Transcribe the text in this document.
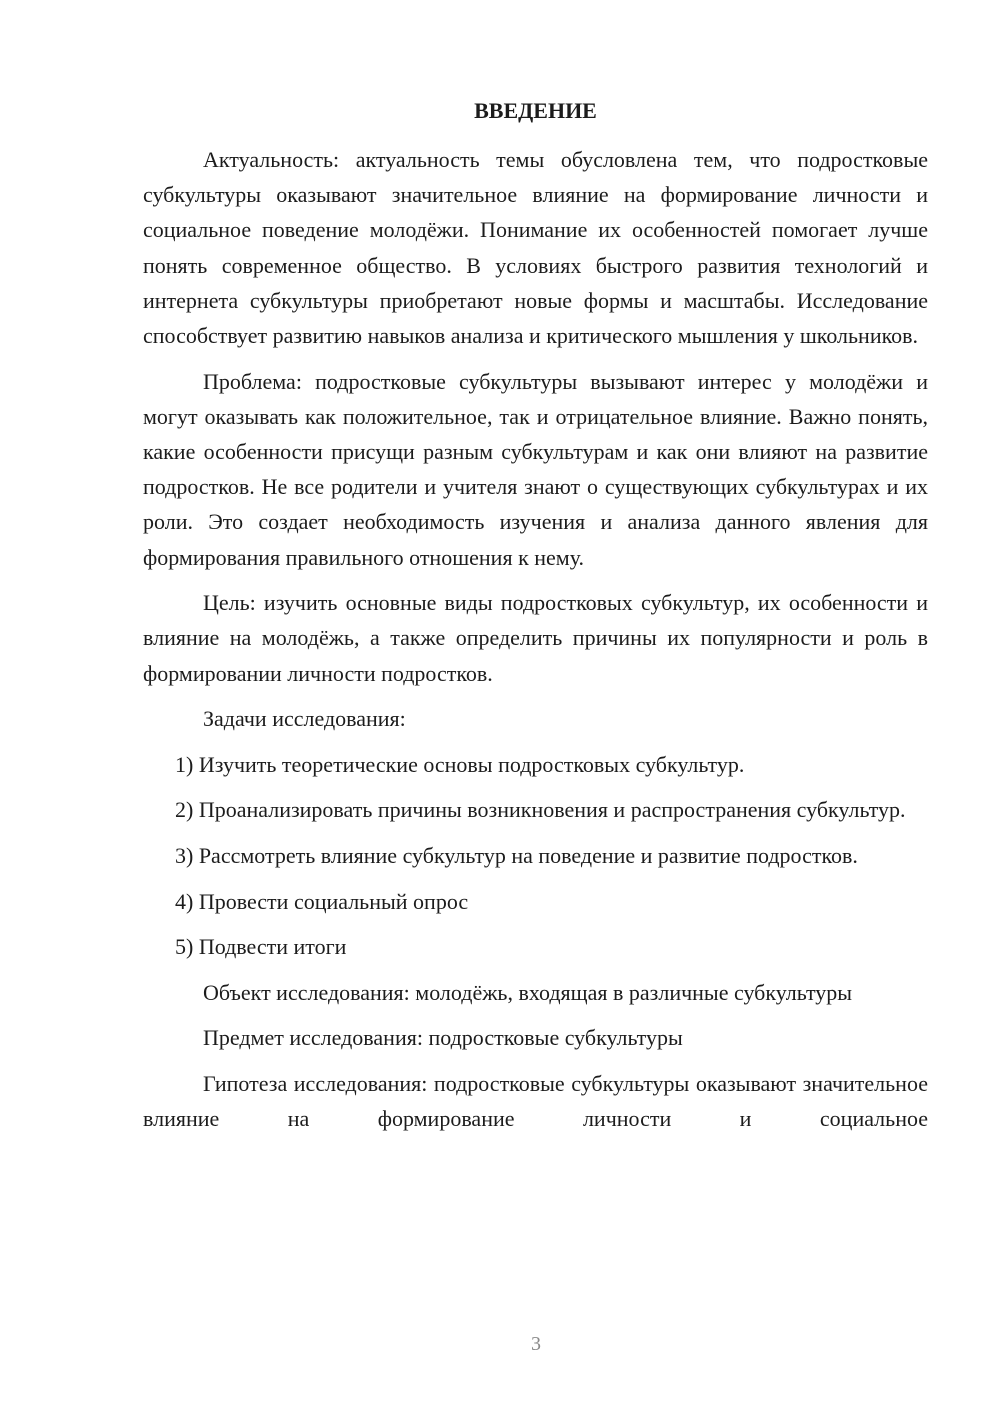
ВВЕДЕНИЕ

Актуальность: актуальность темы обусловлена тем, что подростковые субкультуры оказывают значительное влияние на формирование личности и социальное поведение молодёжи. Понимание их особенностей помогает лучше понять современное общество. В условиях быстрого развития технологий и интернета субкультуры приобретают новые формы и масштабы. Исследование способствует развитию навыков анализа и критического мышления у школьников.

Проблема: подростковые субкультуры вызывают интерес у молодёжи и могут оказывать как положительное, так и отрицательное влияние. Важно понять, какие особенности присущи разным субкультурам и как они влияют на развитие подростков. Не все родители и учителя знают о существующих субкультурах и их роли. Это создает необходимость изучения и анализа данного явления для формирования правильного отношения к нему.

Цель: изучить основные виды подростковых субкультур, их особенности и влияние на молодёжь, а также определить причины их популярности и роль в формировании личности подростков.

Задачи исследования:

1) Изучить теоретические основы подростковых субкультур.

2) Проанализировать причины возникновения и распространения субкультур.

3) Рассмотреть влияние субкультур на поведение и развитие подростков.

4) Провести социальный опрос

5) Подвести итоги

Объект исследования: молодёжь, входящая в различные субкультуры

Предмет исследования: подростковые субкультуры

Гипотеза исследования: подростковые субкультуры оказывают значительное влияние на формирование личности и социальное

3
